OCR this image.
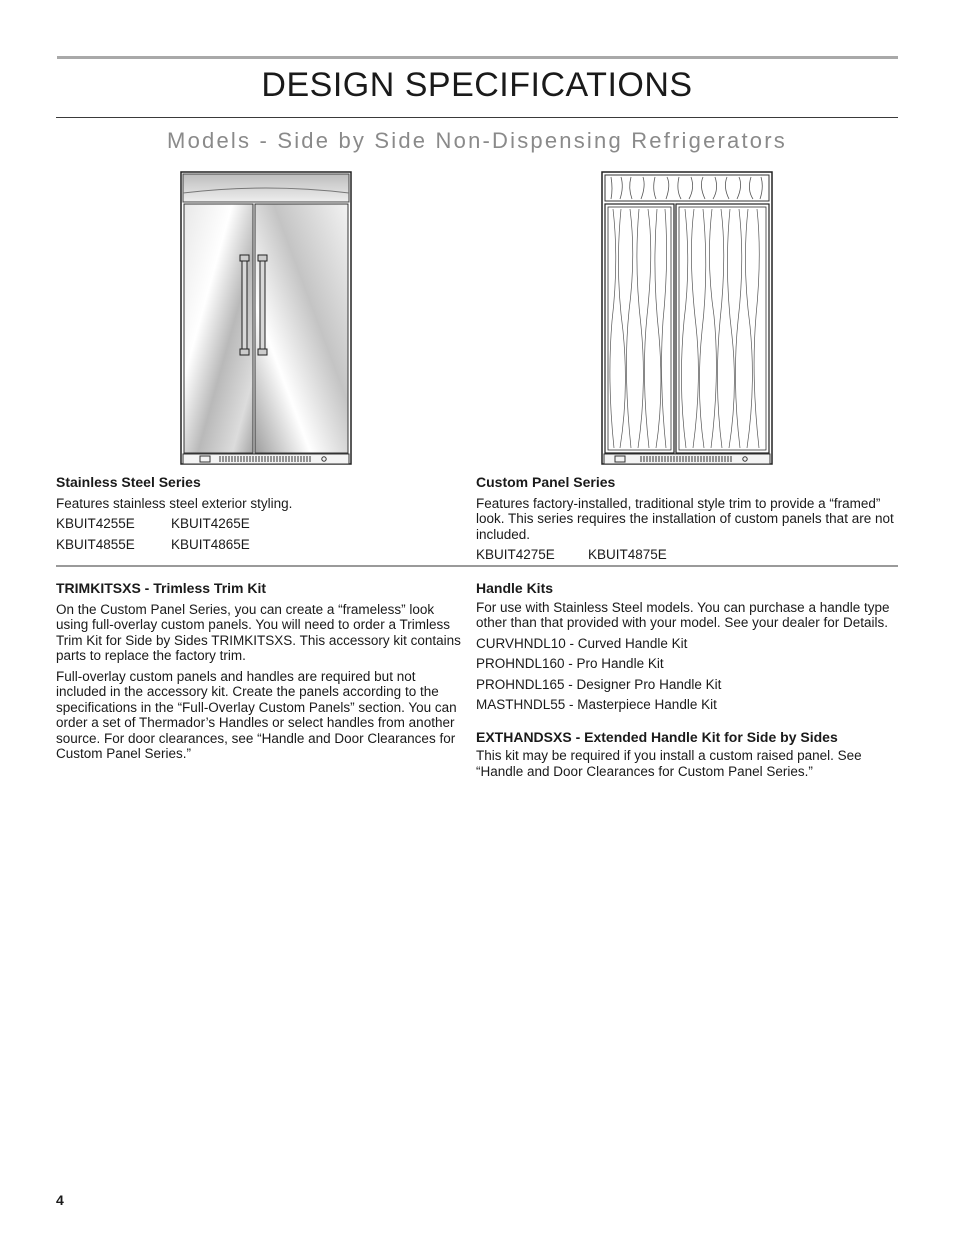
DESIGN SPECIFICATIONS
Models - Side by Side Non-Dispensing Refrigerators

Stainless Steel Series

Features stainless steel exterior styling.

KBUIT4255E	KBUIT4265E
KBUIT4855E	KBUIT4865E

Custom Panel Series

Features factory-installed, traditional style trim to provide a “framed” look. This series requires the installation of custom panels that are not included.

KBUIT4275E	KBUIT4875E

TRIMKITSXS - Trimless Trim Kit

On the Custom Panel Series, you can create a “frameless” look using full-overlay custom panels. You will need to order a Trimless Trim Kit for Side by Sides TRIMKITSXS. This accessory kit contains parts to replace the factory trim.

Full-overlay custom panels and handles are required but not included in the accessory kit. Create the panels according to the specifications in the “Full-Overlay Custom Panels” section. You can order a set of Thermador’s Handles or select handles from another source. For door clearances, see “Handle and Door Clearances for Custom Panel Series.”

Handle Kits

For use with Stainless Steel models. You can purchase a handle type other than that provided with your model. See your dealer for Details.

CURVHNDL10 - Curved Handle Kit

PROHNDL160 - Pro Handle Kit

PROHNDL165 - Designer Pro Handle Kit

MASTHNDL55 - Masterpiece Handle Kit

EXTHANDSXS - Extended Handle Kit for Side by Sides

This kit may be required if you install a custom raised panel. See “Handle and Door Clearances for Custom Panel Series.”

4
